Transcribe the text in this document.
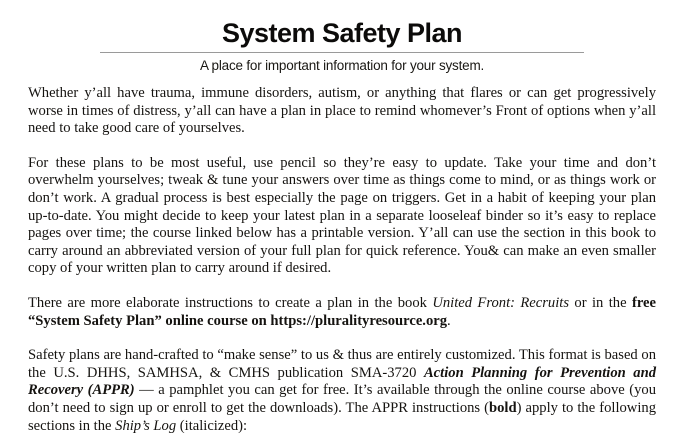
System Safety Plan
A place for important information for your system.

Whether y’all have trauma, immune disorders, autism, or anything that flares or can get progressively worse in times of distress, y’all can have a plan in place to remind whomever’s Front of options when y’all need to take good care of yourselves.

For these plans to be most useful, use pencil so they’re easy to update. Take your time and don’t overwhelm yourselves; tweak & tune your answers over time as things come to mind, or as things work or don’t work. A gradual process is best especially the page on triggers. Get in a habit of keeping your plan up-to-date. You might decide to keep your latest plan in a separate looseleaf binder so it’s easy to replace pages over time; the course linked below has a printable version. Y’all can use the section in this book to carry around an abbreviated version of your full plan for quick reference. You& can make an even smaller copy of your written plan to carry around if desired.

There are more elaborate instructions to create a plan in the book United Front: Recruits or in the free “System Safety Plan” online course on https://pluralityresource.org.

Safety plans are hand-crafted to “make sense” to us & thus are entirely customized. This format is based on the U.S. DHHS, SAMHSA, & CMHS publication SMA-3720 Action Planning for Prevention and Recovery (APPR) — a pamphlet you can get for free. It’s available through the online course above (you don’t need to sign up or enroll to get the downloads). The APPR instructions (bold) apply to the following sections in the Ship’s Log (italicized):
